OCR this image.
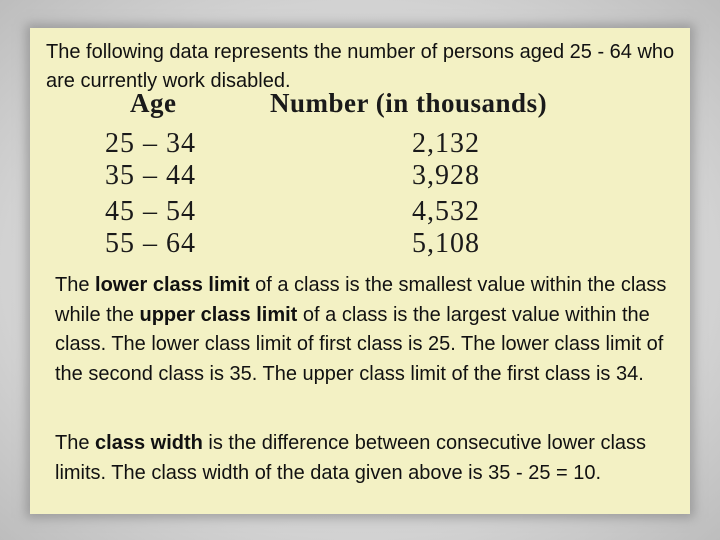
The following data represents the number of persons aged 25 - 64 who are currently work disabled.

Age	Number (in thousands)
25 – 34	2,132
35 – 44	3,928
45 – 54	4,532
55 – 64	5,108

The lower class limit of a class is the smallest value within the class while the upper class limit of a class is the largest value within the class. The lower class limit of first class is 25. The lower class limit of the second class is 35. The upper class limit of the first class is 34.

The class width is the difference between consecutive lower class limits. The class width of the data given above is 35 - 25 = 10.
